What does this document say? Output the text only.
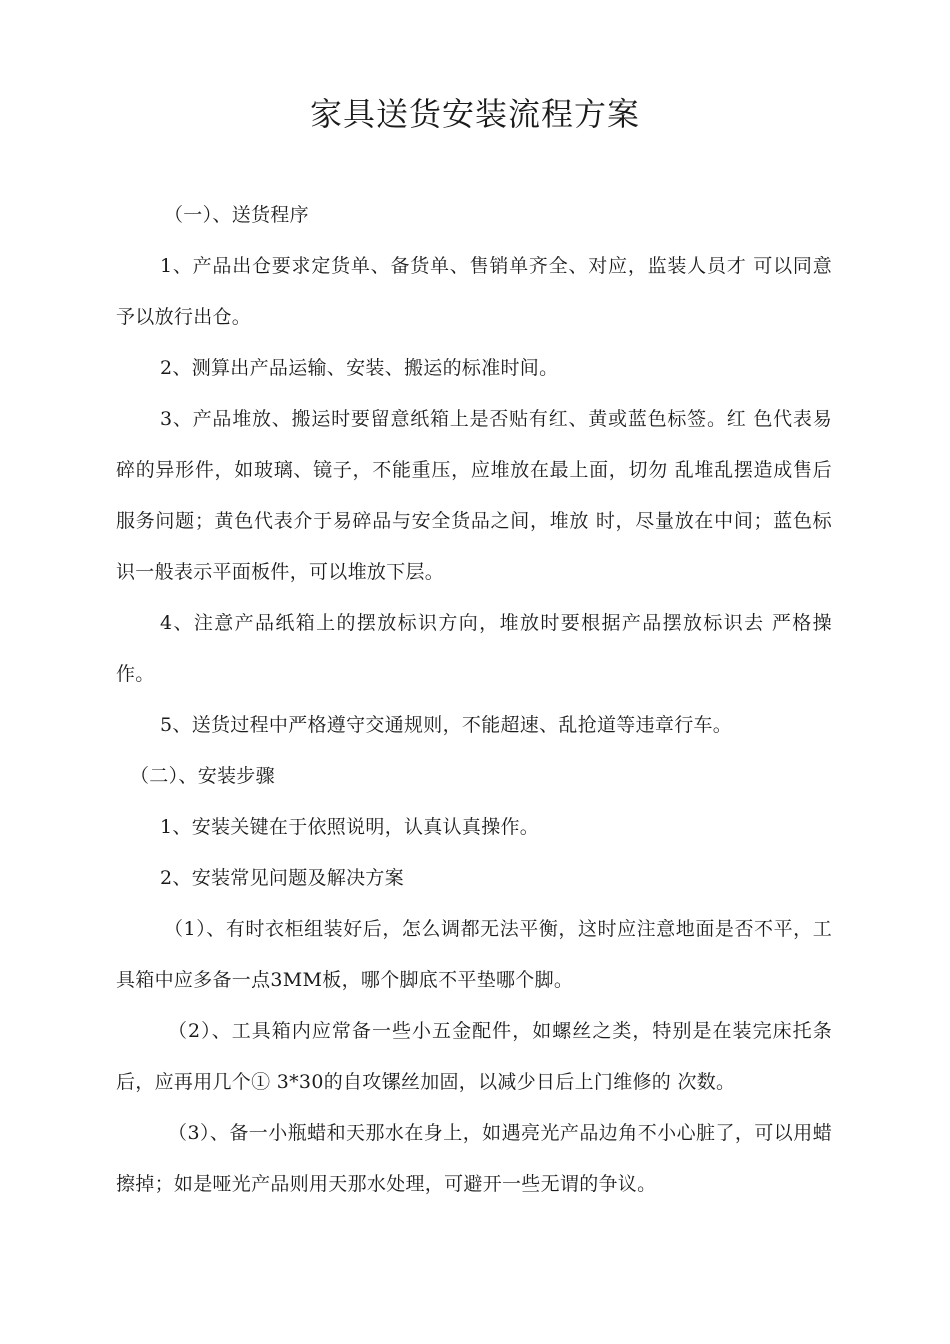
家具送货安装流程方案

（一）、送货程序

1、产品出仓要求定货单、备货单、售销单齐全、对应，监装人员才 可以同意予以放行出仓。

2、测算出产品运输、安装、搬运的标准时间。

3、产品堆放、搬运时要留意纸箱上是否贴有红、黄或蓝色标签。红 色代表易碎的异形件，如玻璃、镜子，不能重压，应堆放在最上面，切勿 乱堆乱摆造成售后服务问题；黄色代表介于易碎品与安全货品之间，堆放 时，尽量放在中间；蓝色标识一般表示平面板件，可以堆放下层。

4、注意产品纸箱上的摆放标识方向，堆放时要根据产品摆放标识去 严格操作。

5、送货过程中严格遵守交通规则，不能超速、乱抢道等违章行车。

（二）、安装步骤

1、安装关键在于依照说明，认真认真操作。

2、安装常见问题及解决方案

（1）、有时衣柜组装好后，怎么调都无法平衡，这时应注意地面是否不平，工具箱中应多备一点3MM板，哪个脚底不平垫哪个脚。

（2）、工具箱内应常备一些小五金配件，如螺丝之类，特别是在装完床托条后，应再用几个① 3*30的自攻镙丝加固，以减少日后上门维修的 次数。

（3）、备一小瓶蜡和天那水在身上，如遇亮光产品边角不小心脏了，可以用蜡擦掉；如是哑光产品则用天那水处理，可避开一些无谓的争议。
